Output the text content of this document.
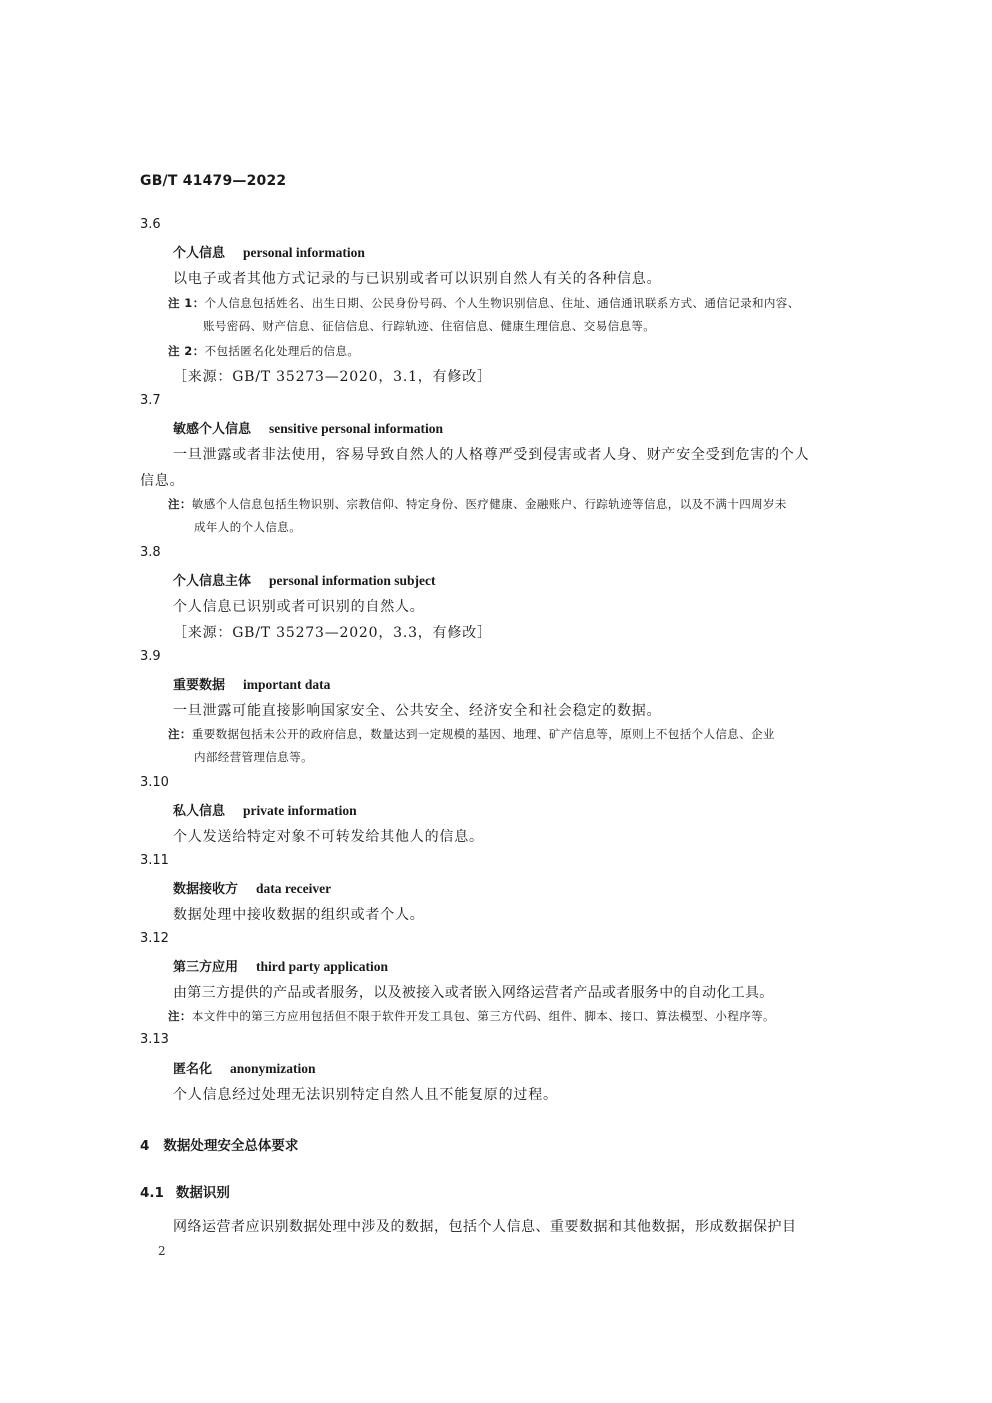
GB/T 41479—2022
3.6
个人信息 personal information
以电子或者其他方式记录的与已识别或者可以识别自然人有关的各种信息。
注 1：个人信息包括姓名、出生日期、公民身份号码、个人生物识别信息、住址、通信通讯联系方式、通信记录和内容、
账号密码、财产信息、征信信息、行踪轨迹、住宿信息、健康生理信息、交易信息等。
注 2：不包括匿名化处理后的信息。
［来源：GB/T 35273—2020，3.1，有修改］
3.7
敏感个人信息 sensitive personal information
一旦泄露或者非法使用，容易导致自然人的人格尊严受到侵害或者人身、财产安全受到危害的个人
信息。
注：敏感个人信息包括生物识别、宗教信仰、特定身份、医疗健康、金融账户、行踪轨迹等信息，以及不满十四周岁未
成年人的个人信息。
3.8
个人信息主体 personal information subject
个人信息已识别或者可识别的自然人。
［来源：GB/T 35273—2020，3.3，有修改］
3.9
重要数据 important data
一旦泄露可能直接影响国家安全、公共安全、经济安全和社会稳定的数据。
注：重要数据包括未公开的政府信息，数量达到一定规模的基因、地理、矿产信息等，原则上不包括个人信息、企业
内部经营管理信息等。
3.10
私人信息 private information
个人发送给特定对象不可转发给其他人的信息。
3.11
数据接收方 data receiver
数据处理中接收数据的组织或者个人。
3.12
第三方应用 third party application
由第三方提供的产品或者服务，以及被接入或者嵌入网络运营者产品或者服务中的自动化工具。
注：本文件中的第三方应用包括但不限于软件开发工具包、第三方代码、组件、脚本、接口、算法模型、小程序等。
3.13
匿名化 anonymization
个人信息经过处理无法识别特定自然人且不能复原的过程。
4 数据处理安全总体要求
4.1 数据识别
网络运营者应识别数据处理中涉及的数据，包括个人信息、重要数据和其他数据，形成数据保护目
2
